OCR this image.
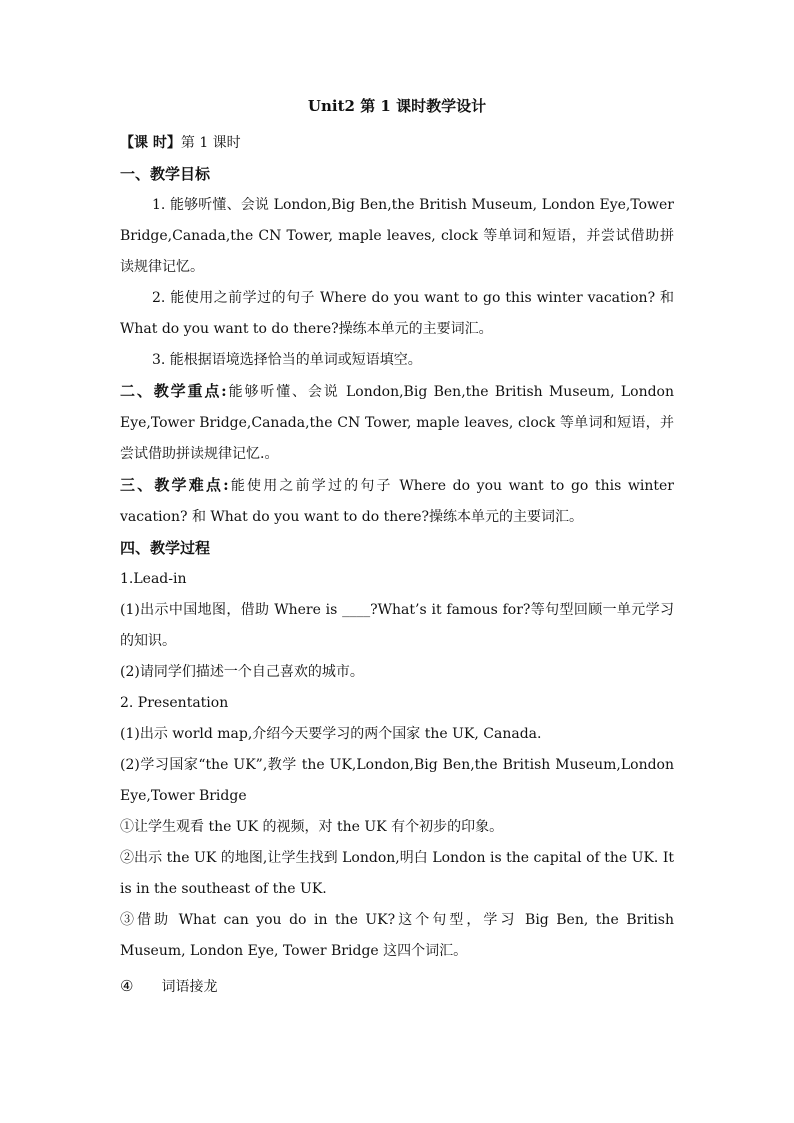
Unit2 第 1 课时教学设计
【课 时】第 1 课时
一、教学目标
1. 能够听懂、会说 London,Big Ben,the British Museum, London Eye,Tower Bridge,Canada,the CN Tower, maple leaves, clock 等单词和短语，并尝试借助拼读规律记忆。
2. 能使用之前学过的句子 Where do you want to go this winter vacation? 和 What do you want to do there?操练本单元的主要词汇。
3. 能根据语境选择恰当的单词或短语填空。
二、教学重点:能够听懂、会说 London,Big Ben,the British Museum, London Eye,Tower Bridge,Canada,the CN Tower, maple leaves, clock 等单词和短语，并尝试借助拼读规律记忆.。
三、教学难点:能使用之前学过的句子 Where do you want to go this winter vacation? 和 What do you want to do there?操练本单元的主要词汇。
四、教学过程
1.Lead-in
(1)出示中国地图，借助 Where is ____?What’s it famous for?等句型回顾一单元学习的知识。
(2)请同学们描述一个自己喜欢的城市。
2. Presentation
(1)出示 world map,介绍今天要学习的两个国家 the UK, Canada.
(2)学习国家“the UK”,教学 the UK,London,Big Ben,the British Museum,London Eye,Tower Bridge
①让学生观看 the UK 的视频，对 the UK 有个初步的印象。
②出示 the UK 的地图,让学生找到 London,明白 London is the capital of the UK. It is in the southeast of the UK.
③借助 What can you do in the UK?这个句型，学习 Big Ben, the British Museum, London Eye, Tower Bridge 这四个词汇。
④ 词语接龙
